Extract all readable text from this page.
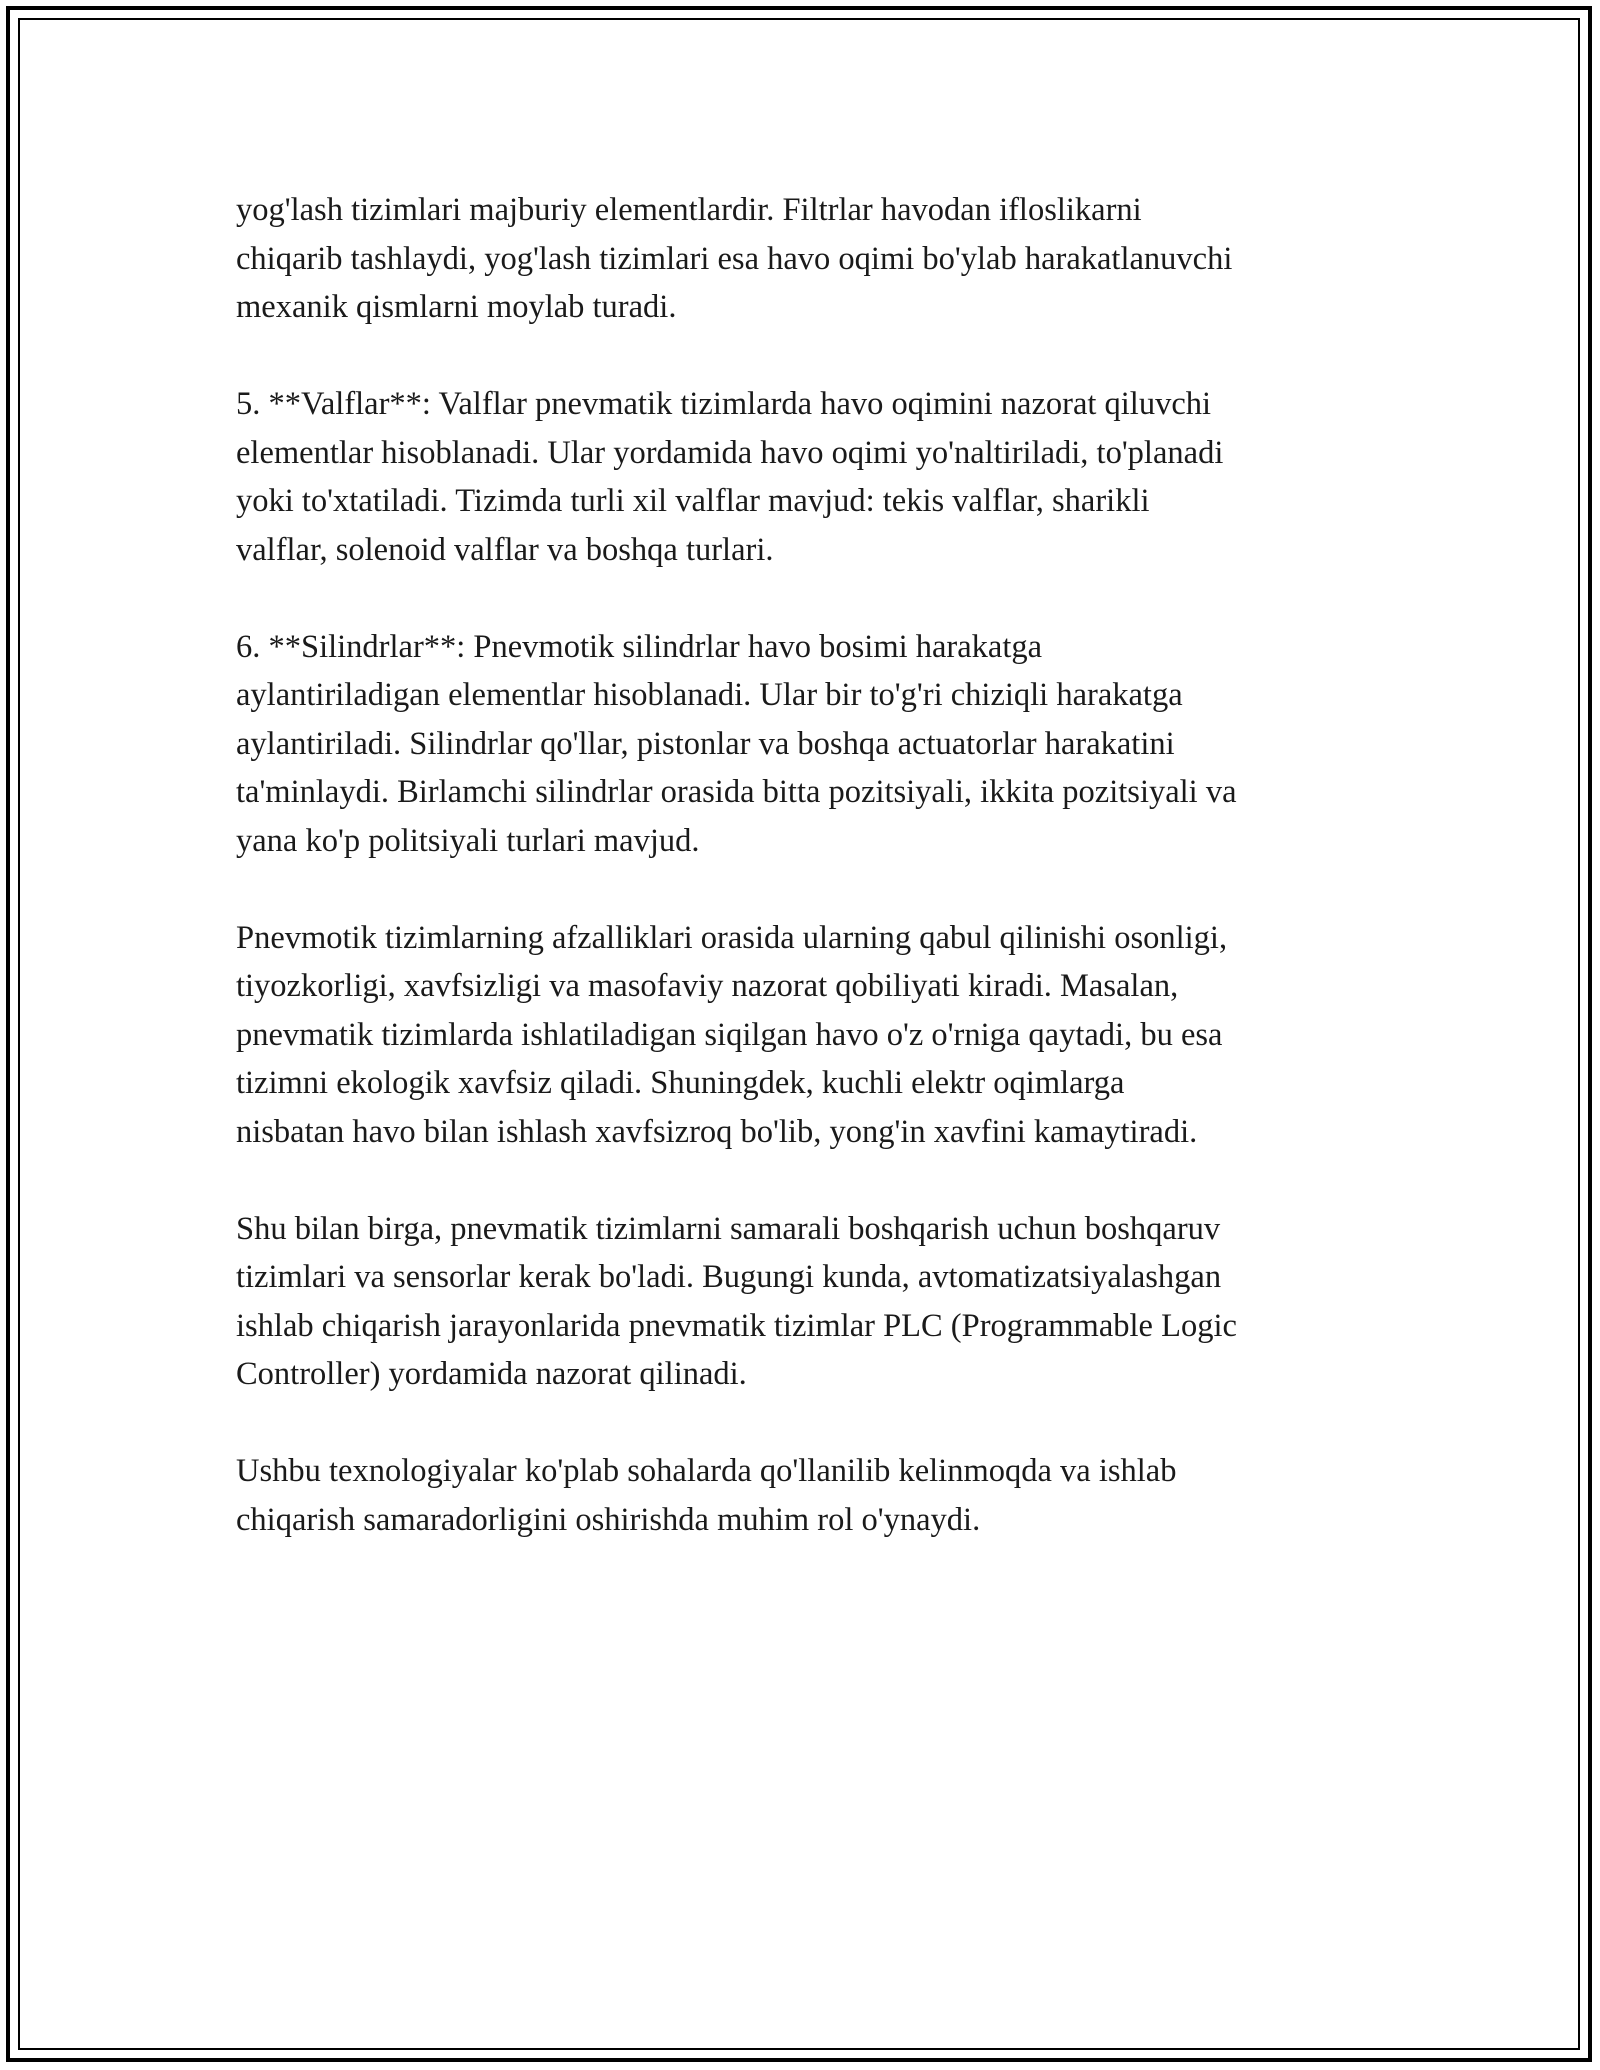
yog'lash tizimlari majburiy elementlardir. Filtrlar havodan ifloslikarni
chiqarib tashlaydi, yog'lash tizimlari esa havo oqimi bo'ylab harakatlanuvchi
mexanik qismlarni moylab turadi.

5. **Valflar**: Valflar pnevmatik tizimlarda havo oqimini nazorat qiluvchi
elementlar hisoblanadi. Ular yordamida havo oqimi yo'naltiriladi, to'planadi
yoki to'xtatiladi. Tizimda turli xil valflar mavjud: tekis valflar, sharikli
valflar, solenoid valflar va boshqa turlari.

6. **Silindrlar**: Pnevmotik silindrlar havo bosimi harakatga
aylantiriladigan elementlar hisoblanadi. Ular bir to'g'ri chiziqli harakatga
aylantiriladi. Silindrlar qo'llar, pistonlar va boshqa actuatorlar harakatini
ta'minlaydi. Birlamchi silindrlar orasida bitta pozitsiyali, ikkita pozitsiyali va
yana ko'p politsiyali turlari mavjud.

Pnevmotik tizimlarning afzalliklari orasida ularning qabul qilinishi osonligi,
tiyozkorligi, xavfsizligi va masofaviy nazorat qobiliyati kiradi. Masalan,
pnevmatik tizimlarda ishlatiladigan siqilgan havo o'z o'rniga qaytadi, bu esa
tizimni ekologik xavfsiz qiladi. Shuningdek, kuchli elektr oqimlarga
nisbatan havo bilan ishlash xavfsizroq bo'lib, yong'in xavfini kamaytiradi.

Shu bilan birga, pnevmatik tizimlarni samarali boshqarish uchun boshqaruv
tizimlari va sensorlar kerak bo'ladi. Bugungi kunda, avtomatizatsiyalashgan
ishlab chiqarish jarayonlarida pnevmatik tizimlar PLC (Programmable Logic
Controller) yordamida nazorat qilinadi.

Ushbu texnologiyalar ko'plab sohalarda qo'llanilib kelinmoqda va ishlab
chiqarish samaradorligini oshirishda muhim rol o'ynaydi.
